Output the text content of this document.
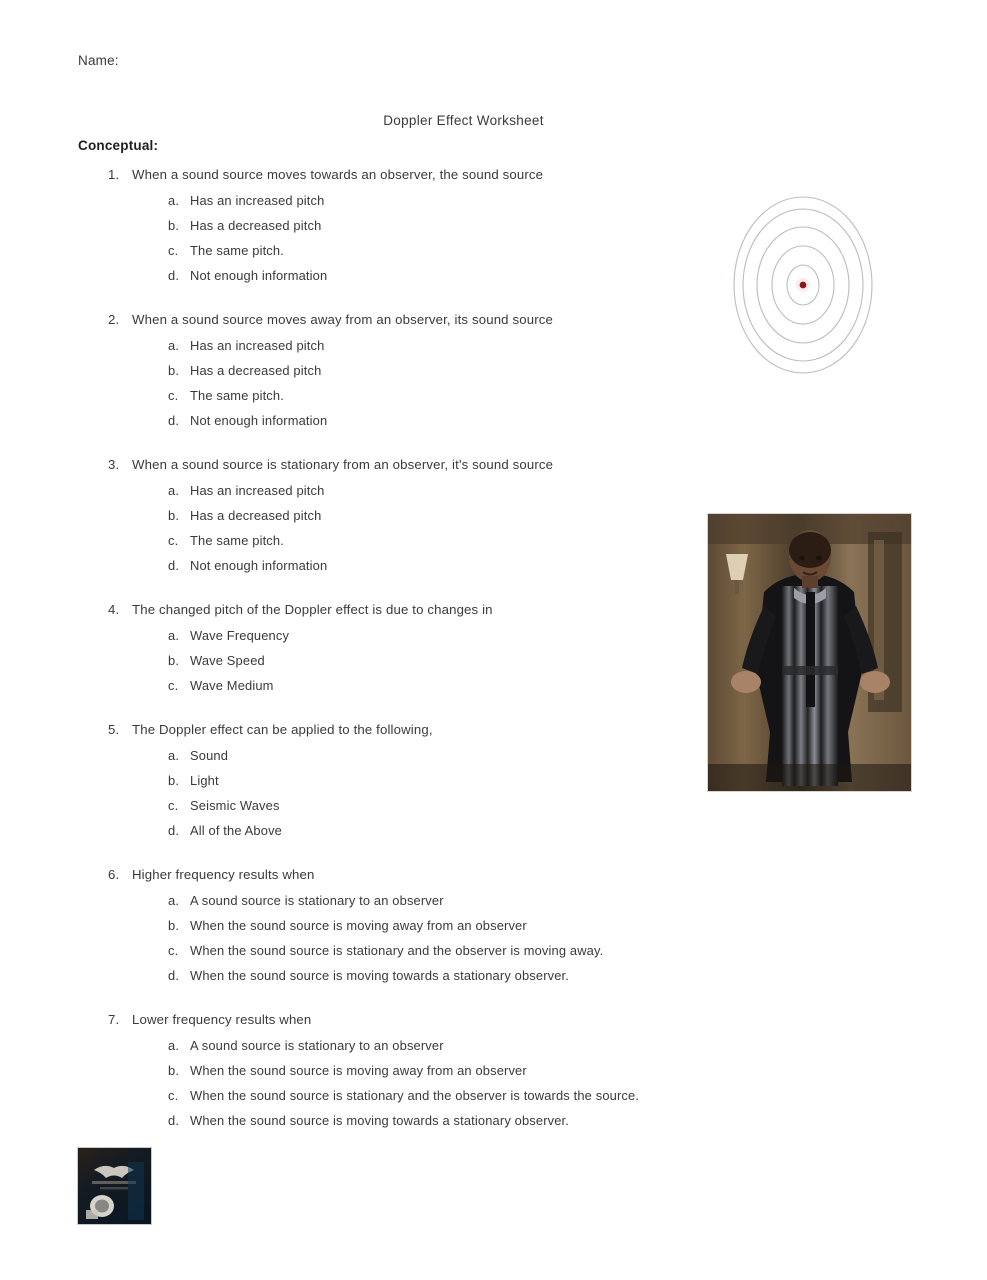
Name:
Doppler Effect Worksheet
Conceptual:
1. When a sound source moves towards an observer, the sound source
a. Has an increased pitch
b. Has a decreased pitch
c. The same pitch.
d. Not enough information
2. When a sound source moves away from an observer, its sound source
a. Has an increased pitch
b. Has a decreased pitch
c. The same pitch.
d. Not enough information
3. When a sound source is stationary from an observer, it's sound source
a. Has an increased pitch
b. Has a decreased pitch
c. The same pitch.
d. Not enough information
4. The changed pitch of the Doppler effect is due to changes in
a. Wave Frequency
b. Wave Speed
c. Wave Medium
5. The Doppler effect can be applied to the following,
a. Sound
b. Light
c. Seismic Waves
d. All of the Above
6. Higher frequency results when
a. A sound source is stationary to an observer
b. When the sound source is moving away from an observer
c. When the sound source is stationary and the observer is moving away.
d. When the sound source is moving towards a stationary observer.
7. Lower frequency results when
a. A sound source is stationary to an observer
b. When the sound source is moving away from an observer
c. When the sound source is stationary and the observer is towards the source.
d. When the sound source is moving towards a stationary observer.
